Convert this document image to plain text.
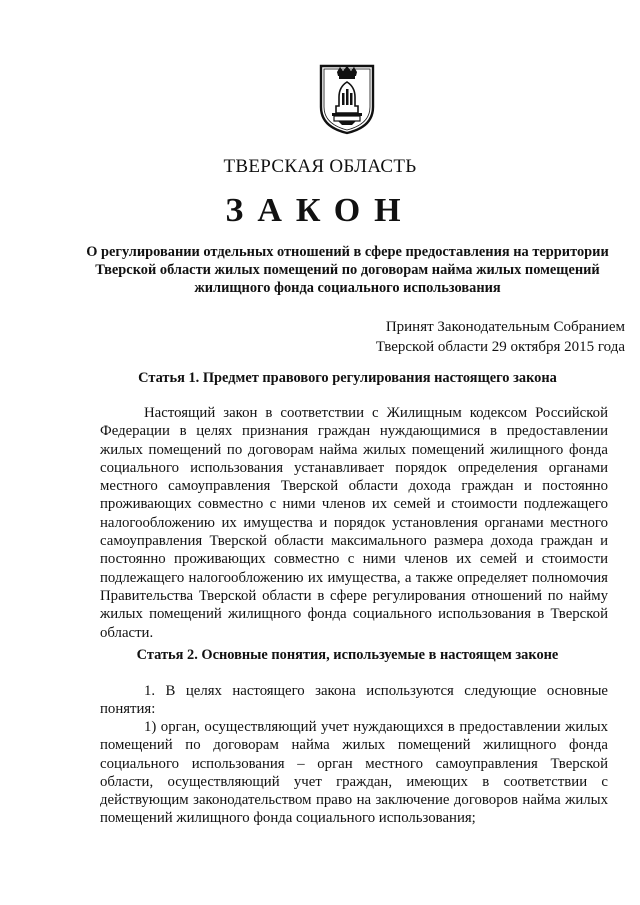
ТВЕРСКАЯ ОБЛАСТЬ
ЗАКОН
О регулировании отдельных отношений в сфере предоставления на территории Тверской области жилых помещений по договорам найма жилых помещений жилищного фонда социального использования
Принят Законодательным Собранием Тверской области 29 октября 2015 года
Статья 1. Предмет правового регулирования настоящего закона

Настоящий закон в соответствии с Жилищным кодексом Российской Федерации в целях признания граждан нуждающимися в предоставлении жилых помещений по договорам найма жилых помещений жилищного фонда социального использования устанавливает порядок определения органами местного самоуправления Тверской области дохода граждан и постоянно проживающих совместно с ними членов их семей и стоимости подлежащего налогообложению их имущества и порядок установления органами местного самоуправления Тверской области максимального размера дохода граждан и постоянно проживающих совместно с ними членов их семей и стоимости подлежащего налогообложению их имущества, а также определяет полномочия Правительства Тверской области в сфере регулирования отношений по найму жилых помещений жилищного фонда социального использования в Тверской области.

Статья 2. Основные понятия, используемые в настоящем законе

1. В целях настоящего закона используются следующие основные понятия:

1) орган, осуществляющий учет нуждающихся в предоставлении жилых помещений по договорам найма жилых помещений жилищного фонда социального использования – орган местного самоуправления Тверской области, осуществляющий учет граждан, имеющих в соответствии с действующим законодательством право на заключение договоров найма жилых помещений жилищного фонда социального использования;
